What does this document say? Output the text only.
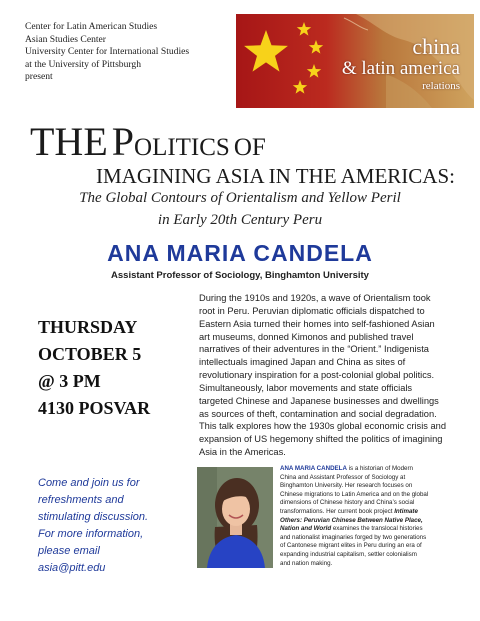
Center for Latin American Studies
Asian Studies Center
University Center for International Studies
at the University of Pittsburgh
present
china
& latin america
relations
THE POLITICS OF
IMAGINING ASIA IN THE AMERICAS:
The Global Contours of Orientalism and Yellow Peril
in Early 20th Century Peru
ANA MARIA CANDELA
Assistant Professor of Sociology, Binghamton University
THURSDAY
OCTOBER 5
@ 3 PM
4130 POSVAR
During the 1910s and 1920s, a wave of Orientalism took
root in Peru. Peruvian diplomatic officials dispatched to
Eastern Asia turned their homes into self-fashioned Asian
art museums, donned Kimonos and published travel
narratives of their adventures in the “Orient.” Indigenista
intellectuals imagined Japan and China as sites of
revolutionary inspiration for a post-colonial global politics.
Simultaneously, labor movements and state officials
targeted Chinese and Japanese businesses and dwellings
as sources of theft, contamination and social degradation.
This talk explores how the 1930s global economic crisis and
expansion of US hegemony shifted the politics of imagining
Asia in the Americas.
Come and join us for
refreshments and
stimulating discussion.
For more information,
please email
asia@pitt.edu
ANA MARIA CANDELA is a historian of Modern
China and Assistant Professor of Sociology at
Binghamton University. Her research focuses on
Chinese migrations to Latin America and on the global
dimensions of Chinese history and China’s social
transformations. Her current book project Intimate
Others: Peruvian Chinese Between Native Place,
Nation and World examines the translocal histories
and nationalist imaginaries forged by two generations
of Cantonese migrant elites in Peru during an era of
expanding industrial capitalism, settler colonialism
and nation making.
